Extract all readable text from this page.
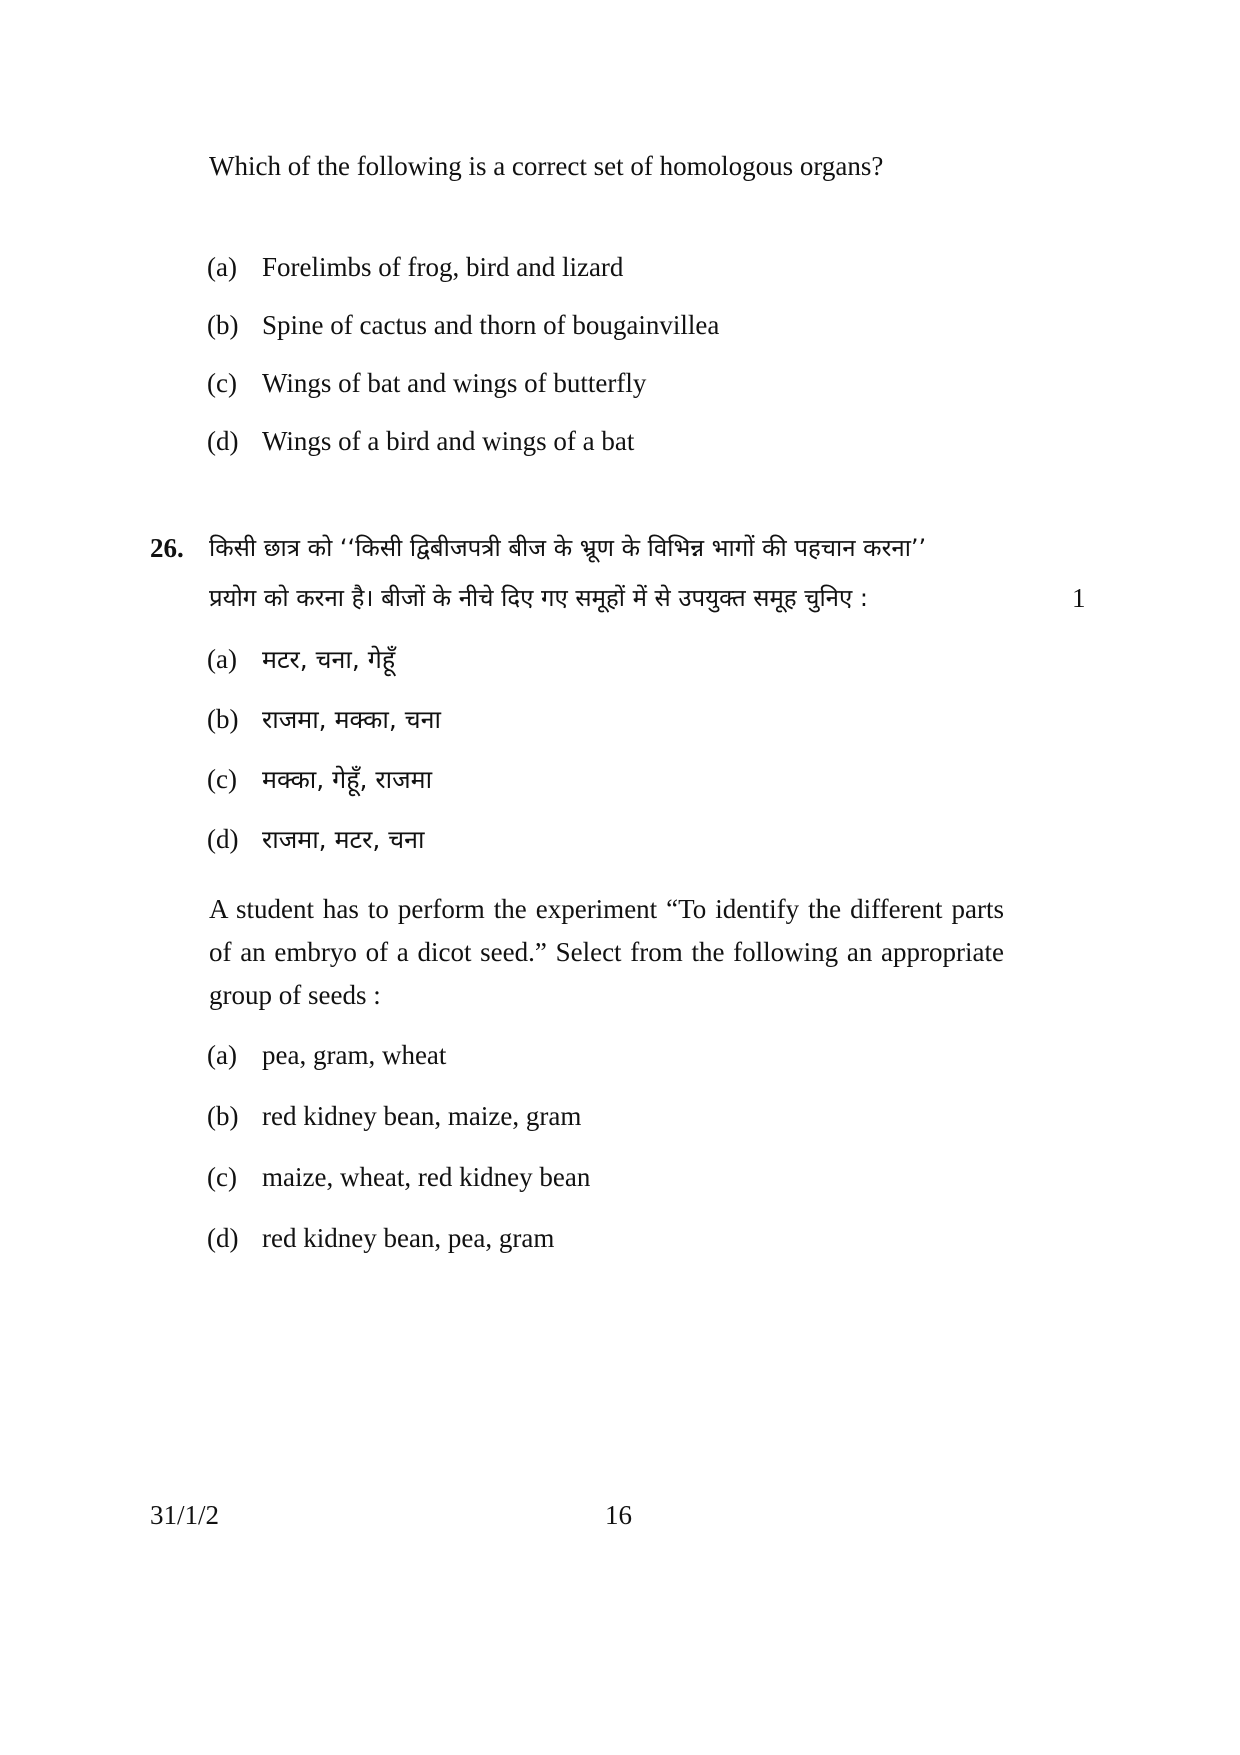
Which of the following is a correct set of homologous organs?
(a) Forelimbs of frog, bird and lizard
(b) Spine of cactus and thorn of bougainvillea
(c) Wings of bat and wings of butterfly
(d) Wings of a bird and wings of a bat
26.
1
किसी छात्र को ‘‘किसी द्विबीजपत्री बीज के भ्रूण के विभिन्न भागों की पहचान करना’’
प्रयोग को करना है। बीजों के नीचे दिए गए समूहों में से उपयुक्त समूह चुनिए :
(a) मटर, चना, गेहूँ
(b) राजमा, मक्का, चना
(c) मक्का, गेहूँ, राजमा
(d) राजमा, मटर, चना
A student has to perform the experiment “To identify the different parts of an embryo of a dicot seed.” Select from the following an appropriate group of seeds :
(a) pea, gram, wheat
(b) red kidney bean, maize, gram
(c) maize, wheat, red kidney bean
(d) red kidney bean, pea, gram
31/1/2	16
